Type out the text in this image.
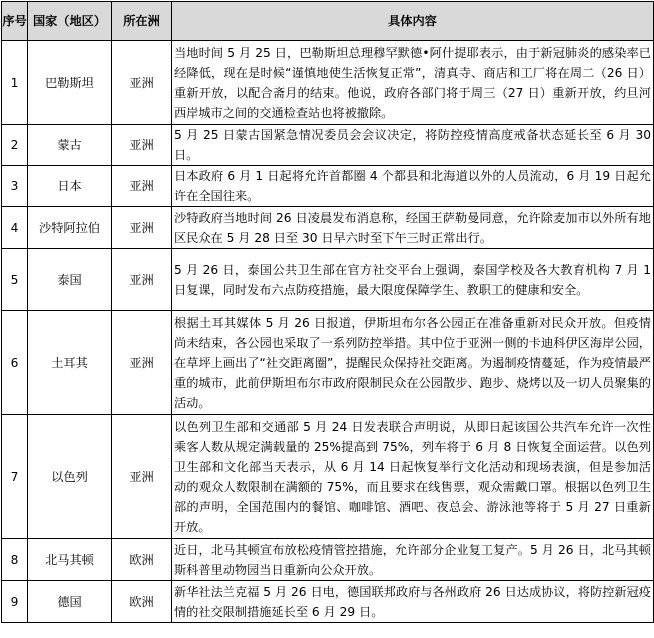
序号	国家（地区）	所在洲	具体内容
1	巴勒斯坦	亚洲	当地时间 5 月 25 日，巴勒斯坦总理穆罕默德•阿什提耶表示，由于新冠肺炎的感染率已经降低，现在是时候“谨慎地使生活恢复正常”，清真寺、商店和工厂将在周二（26 日）重新开放，以配合斋月的结束。他说，政府各部门将于周三（27 日）重新开放，约旦河西岸城市之间的交通检查站也将被撤除。
2	蒙古	亚洲	5 月 25 日蒙古国紧急情况委员会会议决定，将防控疫情高度戒备状态延长至 6 月 30 日。
3	日本	亚洲	日本政府 6 月 1 日起将允许首都圈 4 个都县和北海道以外的人员流动，6 月 19 日起允许在全国往来。
4	沙特阿拉伯	亚洲	沙特政府当地时间 26 日凌晨发布消息称，经国王萨勒曼同意，允许除麦加市以外所有地区民众在 5 月 28 日至 30 日早六时至下午三时正常出行。
5	泰国	亚洲	5 月 26 日，泰国公共卫生部在官方社交平台上强调，泰国学校及各大教育机构 7 月 1 日复课，同时发布六点防疫措施，最大限度保障学生、教职工的健康和安全。
6	土耳其	亚洲	根据土耳其媒体 5 月 26 日报道，伊斯坦布尔各公园正在准备重新对民众开放。但疫情尚未结束，各公园也采取了一系列防控举措。其中位于亚洲一侧的卡迪科伊区海岸公园，在草坪上画出了“社交距离圈”，提醒民众保持社交距离。为遏制疫情蔓延，作为疫情最严重的城市，此前伊斯坦布尔市政府限制民众在公园散步、跑步、烧烤以及一切人员聚集的活动。
7	以色列	亚洲	以色列卫生部和交通部 5 月 24 日发表联合声明说，从即日起该国公共汽车允许一次性乘客人数从规定满载量的 25%提高到 75%，列车将于 6 月 8 日恢复全面运营。以色列卫生部和文化部当天表示，从 6 月 14 日起恢复举行文化活动和现场表演，但是参加活动的观众人数限制在满额的 75%，而且要求在线售票，观众需戴口罩。根据以色列卫生部的声明，全国范围内的餐馆、咖啡馆、酒吧、夜总会、游泳池等将于 5 月 27 日重新开放。
8	北马其顿	欧洲	近日，北马其顿宣布放松疫情管控措施，允许部分企业复工复产。5 月 26 日，北马其顿斯科普里动物园当日重新向公众开放。
9	德国	欧洲	新华社法兰克福 5 月 26 日电，德国联邦政府与各州政府 26 日达成协议，将防控新冠疫情的社交限制措施延长至 6 月 29 日。
